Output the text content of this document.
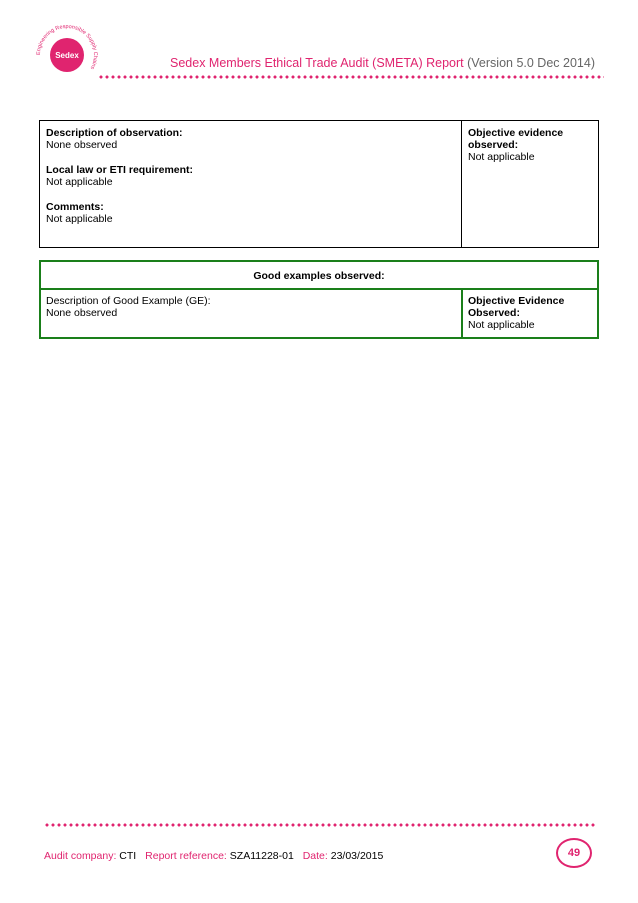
Sedex
Engineering Responsible Supply Chains	Sedex Members Ethical Trade Audit (SMETA) Report (Version 5.0 Dec 2014)
Description of observation:
None observed
Local law or ETI requirement:
Not applicable
Comments:
Not applicable
Objective evidence
observed:
Not applicable
Good examples observed:
Description of Good Example (GE):
None observed
Objective Evidence
Observed:
Not applicable
Audit company: CTI Report reference: SZA11228-01 Date: 23/03/2015	49
